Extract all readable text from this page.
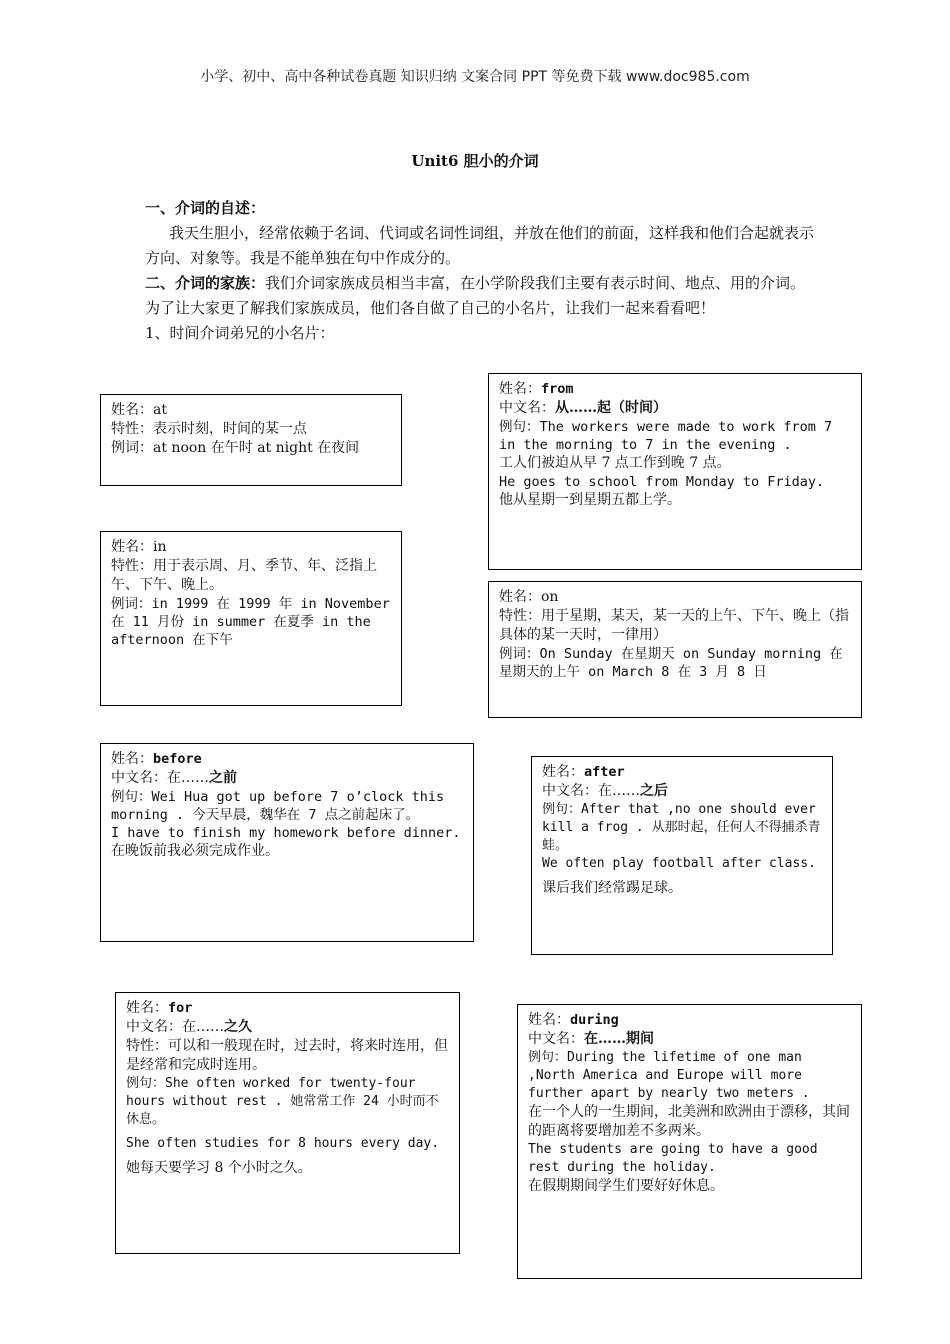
小学、初中、高中各种试卷真题 知识归纳 文案合同 PPT 等免费下载 www.doc985.com
Unit6 胆小的介词

一、介词的自述：

我天生胆小，经常依赖于名词、代词或名词性词组，并放在他们的前面，这样我和他们合起就表示方向、对象等。我是不能单独在句中作成分的。

二、介词的家族：我们介词家族成员相当丰富，在小学阶段我们主要有表示时间、地点、用的介词。为了让大家更了解我们家族成员，他们各自做了自己的小名片，让我们一起来看看吧！

1、时间介词弟兄的小名片：

姓名：at
特性：表示时刻，时间的某一点
例词：at noon 在午时 at night 在夜间
姓名：from
中文名：从……起（时间）
例句：The workers were made to work from 7 in the morning to 7 in the evening .
工人们被迫从早 7 点工作到晚 7 点。
He goes to school from Monday to Friday.
他从星期一到星期五都上学。
姓名：in
特性：用于表示周、月、季节、年、泛指上午、下午、晚上。
例词：in 1999 在 1999 年 in November 在 11 月份 in summer 在夏季 in the afternoon 在下午
姓名：on
特性：用于星期，某天，某一天的上午、下午、晚上（指具体的某一天时，一律用）
例词：On Sunday 在星期天 on Sunday morning 在星期天的上午 on March 8 在 3 月 8 日
姓名：before
中文名：在……之前
例句：Wei Hua got up before 7 o’clock this morning . 今天早晨，魏华在 7 点之前起床了。
I have to finish my homework before dinner.
在晚饭前我必须完成作业。
姓名：after
中文名：在……之后
例句：After that ,no one should ever kill a frog . 从那时起，任何人不得捕杀青蛙。
We often play football after class.
课后我们经常踢足球。
姓名：for
中文名：在……之久
特性：可以和一般现在时，过去时，将来时连用，但是经常和完成时连用。
例句：She often worked for twenty-four hours without rest . 她常常工作 24 小时而不休息。
She often studies for 8 hours every day.
她每天要学习 8 个小时之久。
姓名：during
中文名：在……期间
例句：During the lifetime of one man ,North America and Europe will more further apart by nearly two meters .
在一个人的一生期间，北美洲和欧洲由于漂移，其间的距离将要增加差不多两米。
The students are going to have a good rest during the holiday.
在假期期间学生们要好好休息。
